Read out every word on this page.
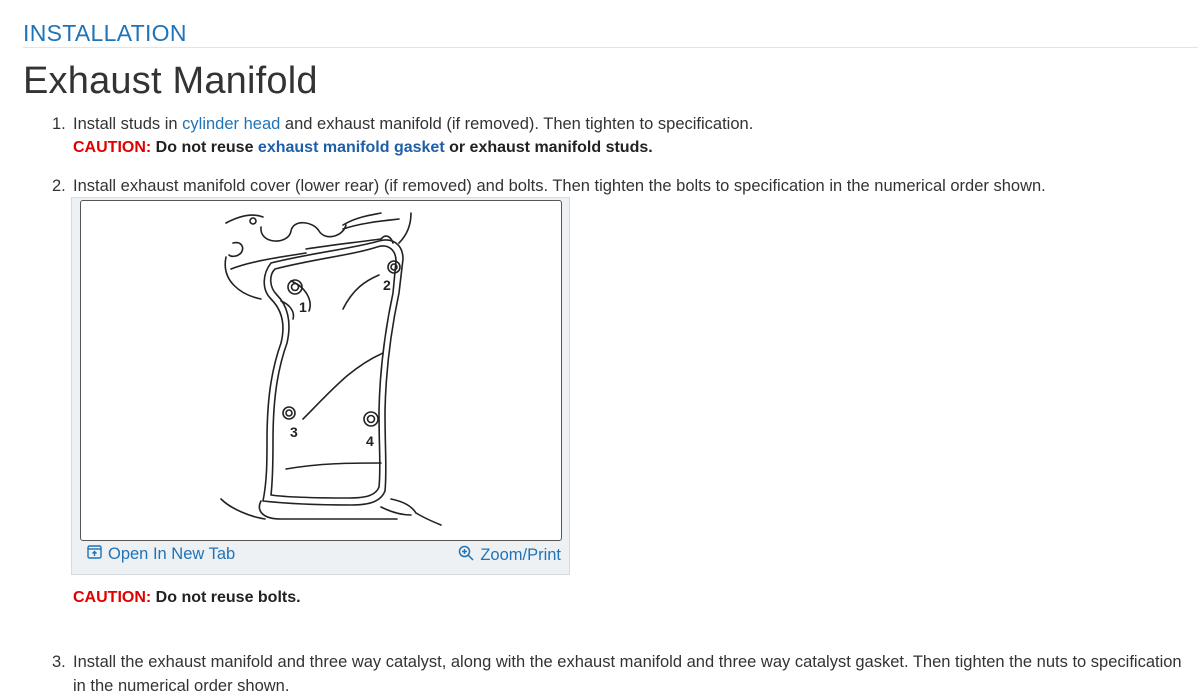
INSTALLATION
Exhaust Manifold
1. Install studs in cylinder head and exhaust manifold (if removed). Then tighten to specification.
CAUTION: Do not reuse exhaust manifold gasket or exhaust manifold studs.
2. Install exhaust manifold cover (lower rear) (if removed) and bolts. Then tighten the bolts to specification in the numerical order shown.
1
2
3
4
Open In New Tab	Zoom/Print
CAUTION: Do not reuse bolts.
3. Install the exhaust manifold and three way catalyst, along with the exhaust manifold and three way catalyst gasket. Then tighten the nuts to specification in the numerical order shown.
